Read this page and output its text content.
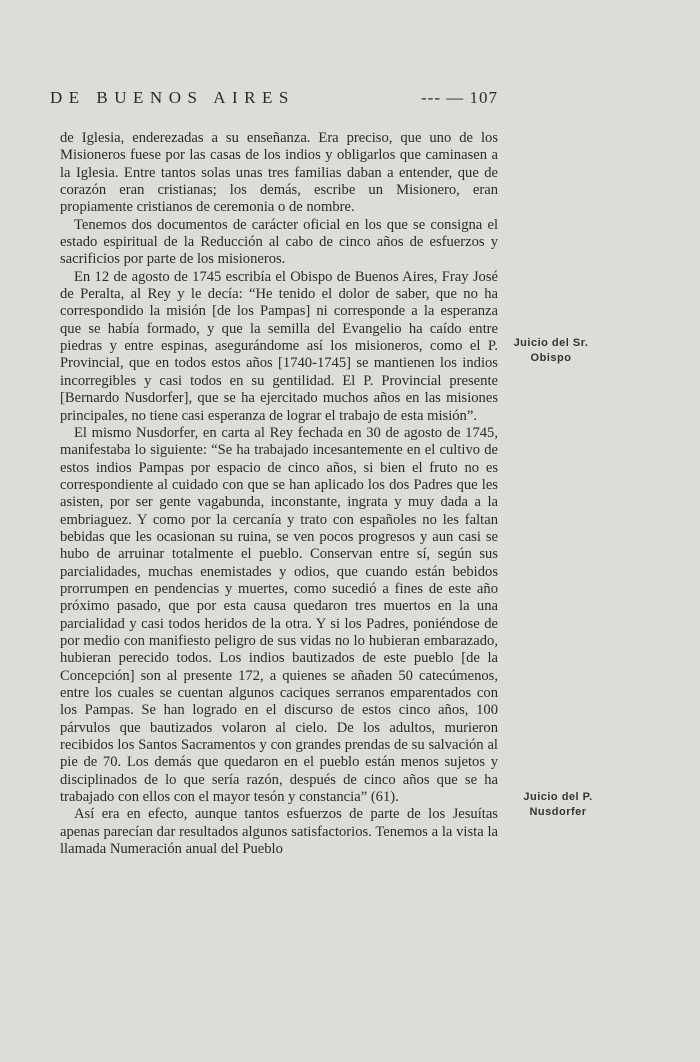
DE BUENOS AIRES	--- — 107

de Iglesia, enderezadas a su enseñanza. Era preciso, que uno de los Misioneros fuese por las casas de los indios y obligarlos que caminasen a la Iglesia. Entre tantos solas unas tres familias daban a entender, que de corazón eran cristianas; los demás, escribe un Misionero, eran propiamente cristianos de ceremonia o de nombre.

Tenemos dos documentos de carácter oficial en los que se consigna el estado espiritual de la Reducción al cabo de cinco años de esfuerzos y sacrificios por parte de los misioneros.

En 12 de agosto de 1745 escribía el Obispo de Buenos Aires, Fray José de Peralta, al Rey y le decía: “He tenido el dolor de saber, que no ha correspondido la misión [de los Pampas] ni corresponde a la esperanza que se había formado, y que la semilla del Evangelio ha caído entre piedras y entre espinas, asegurándome así los misioneros, como el P. Provincial, que en todos estos años [1740-1745] se mantienen los indios incorregibles y casi todos en su gentilidad. El P. Provincial presente [Bernardo Nusdorfer], que se ha ejercitado muchos años en las misiones principales, no tiene casi esperanza de lograr el trabajo de esta misión”.

El mismo Nusdorfer, en carta al Rey fechada en 30 de agosto de 1745, manifestaba lo siguiente: “Se ha trabajado incesantemente en el cultivo de estos indios Pampas por espacio de cinco años, si bien el fruto no es correspondiente al cuidado con que se han aplicado los dos Padres que les asisten, por ser gente vagabunda, inconstante, ingrata y muy dada a la embriaguez. Y como por la cercanía y trato con españoles no les faltan bebidas que les ocasionan su ruina, se ven pocos progresos y aun casi se hubo de arruinar totalmente el pueblo. Conservan entre sí, según sus parcialidades, muchas enemistades y odios, que cuando están bebidos prorrumpen en pendencias y muertes, como sucedió a fines de este año próximo pasado, que por esta causa quedaron tres muertos en la una parcialidad y casi todos heridos de la otra. Y si los Padres, poniéndose de por medio con manifiesto peligro de sus vidas no lo hubieran embarazado, hubieran perecido todos. Los indios bautizados de este pueblo [de la Concepción] son al presente 172, a quienes se añaden 50 catecúmenos, entre los cuales se cuentan algunos caciques serranos emparentados con los Pampas. Se han logrado en el discurso de estos cinco años, 100 párvulos que bautizados volaron al cielo. De los adultos, murieron recibidos los Santos Sacramentos y con grandes prendas de su salvación al pie de 70. Los demás que quedaron en el pueblo están menos sujetos y disciplinados de lo que sería razón, después de cinco años que se ha trabajado con ellos con el mayor tesón y constancia” (61).

Así era en efecto, aunque tantos esfuerzos de parte de los Jesuítas apenas parecían dar resultados algunos satisfactorios. Tenemos a la vista la llamada Numeración anual del Pueblo

Juicio del Sr. Obispo
Juicio del P. Nusdorfer
